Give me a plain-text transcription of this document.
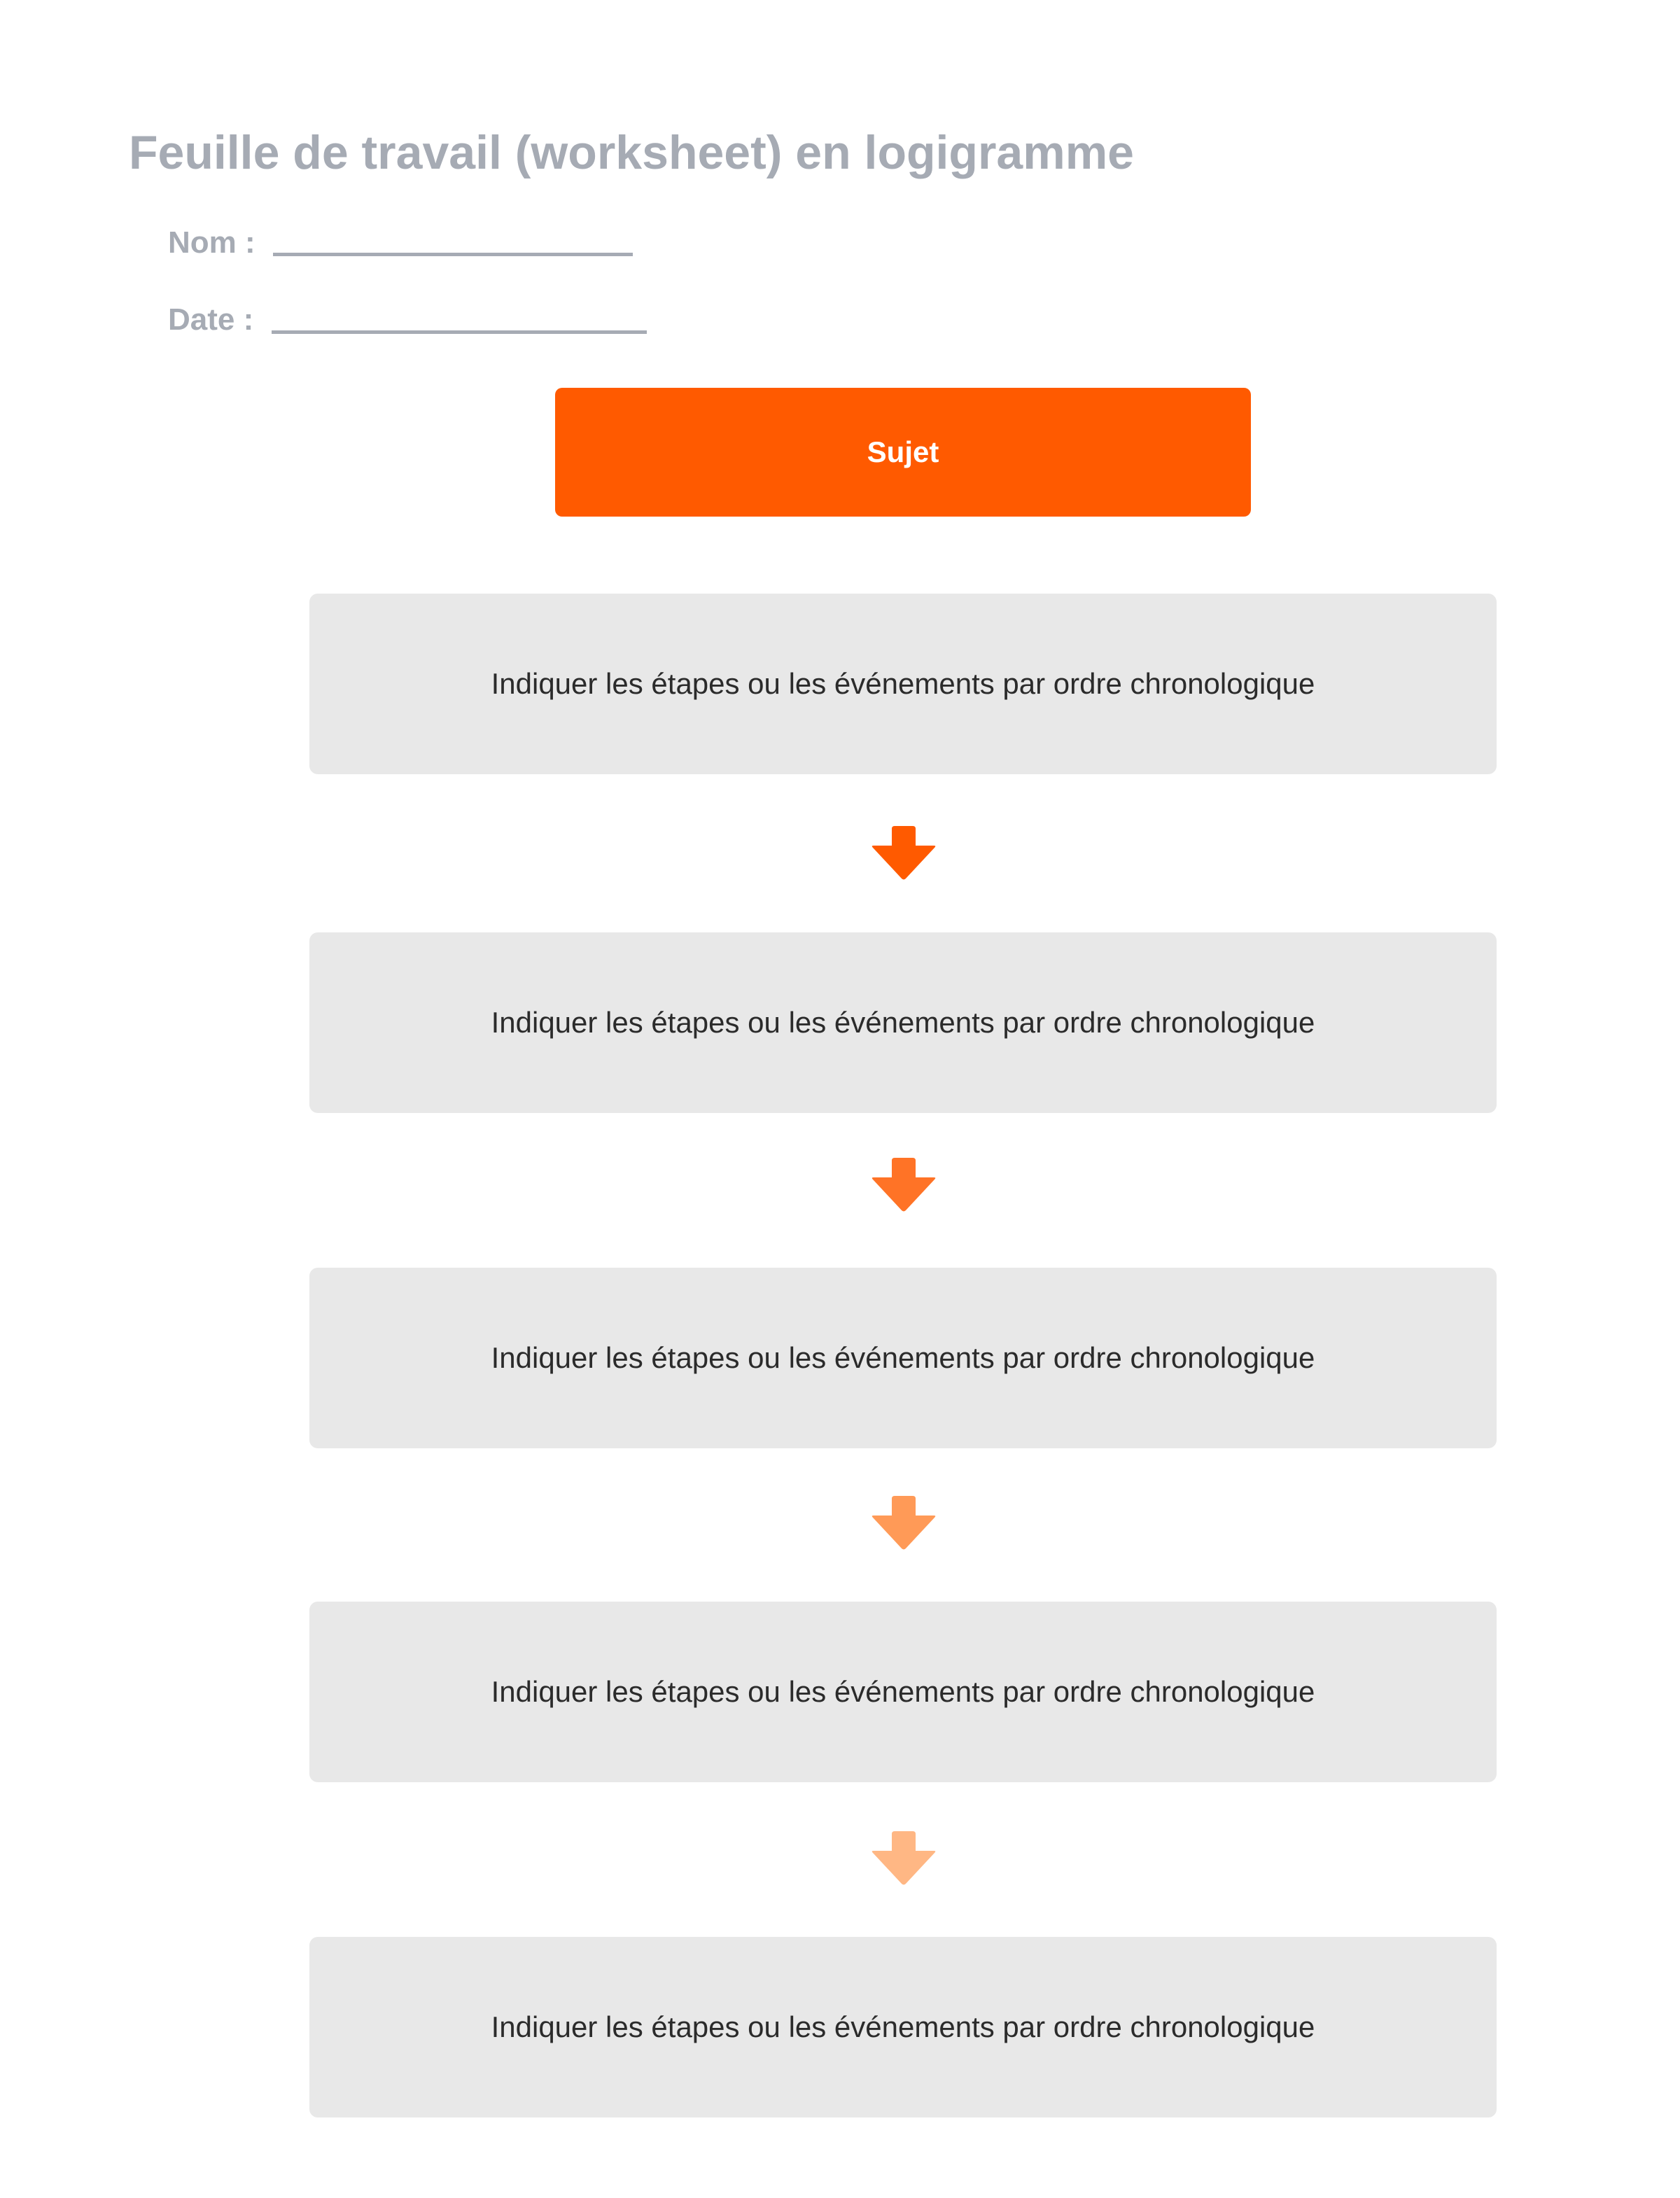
Feuille de travail (worksheet) en logigramme
Nom :
Date :
Sujet
Indiquer les étapes ou les événements par ordre chronologique
Indiquer les étapes ou les événements par ordre chronologique
Indiquer les étapes ou les événements par ordre chronologique
Indiquer les étapes ou les événements par ordre chronologique
Indiquer les étapes ou les événements par ordre chronologique
